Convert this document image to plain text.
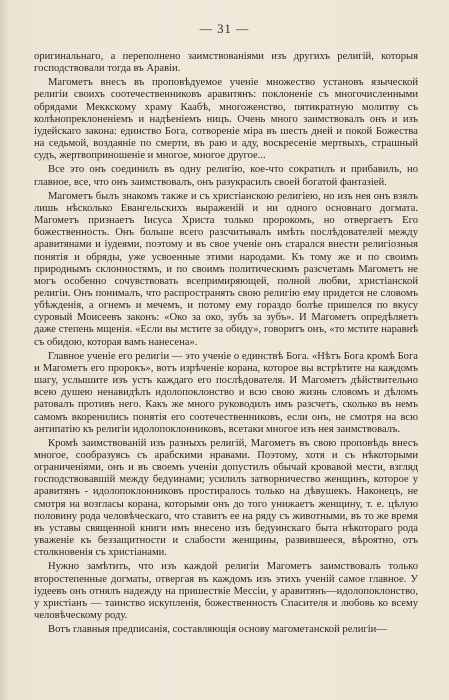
— 31 —

оригинальнаго, а переполнено заимствованіями изъ другихъ религій, которыя господствовали тогда въ Аравіи.

Магометъ внесъ въ проповѣдуемое ученіе множество установъ языческой религіи своихъ соотечественниковъ аравитянъ: поклоненіе съ многочисленными обрядами Меккскому храму Каабѣ, многоженство, пятикратную молитву съ колѣнопреклоненіемъ и надѣеніемъ ницъ. Очень много заимствовалъ онъ и изъ іудейскаго закона: единство Бога, сотвореніе міра въ шесть дней и покой Божества на седьмой, воздаяніе по смерти, въ раю и аду, воскресеніе мертвыхъ, страшный судъ, жертвоприношеніе и многое, многое другое...

Все это онъ соединилъ въ одну религію, кое-что сократилъ и прибавилъ, но главное, все, что онъ заимствовалъ, онъ разукрасилъ своей богатой фантазіей.

Магометъ былъ знакомъ также и съ христіанскою религіею, но изъ нея онъ взялъ лишь нѣсколько Евангельскихъ выраженій и ни одного основнаго догмата. Магометъ признаетъ Іисуса Христа только пророкомъ, но отвергаетъ Его божественность. Онъ больше всего разсчитывалъ имѣть послѣдователей между аравитянами и іудеями, поэтому и въ свое ученіе онъ старался внести религіозныя понятія и обряды, уже усвоенные этими народами. Къ тому же и по своимъ природнымъ склонностямъ, и по своимъ политическимъ разсчетамъ Магометъ не могъ особенно сочувствовать всепримиряющей, полной любви, христіанской религіи. Онъ понималъ, что распространять свою религію ему придется не словомъ убѣжденія, а огнемъ и мечемъ, и потому ему гораздо болѣе пришелся по вкусу суровый Моисеевъ законъ: «Око за око, зубъ за зубъ». И Магометъ опредѣляетъ даже степень мщенія. «Если вы мстите за обиду», говоритъ онъ, «то мстите наравнѣ съ обидою, которая вамъ нанесена».

Главное ученіе его религіи — это ученіе о единствѣ Бога. «Нѣтъ Бога кромѣ Бога и Магометъ его пророкъ», вотъ изрѣченіе корана, которое вы встрѣтите на каждомъ шагу, услышите изъ устъ каждаго его послѣдователя. И Магометъ дѣйствительно всею душею ненавидѣлъ идолопоклонство и всю свою жизнь словомъ и дѣломъ ратовалъ противъ него. Какъ же много руководилъ имъ разсчетъ, сколько въ немъ самомъ вкоренились понятія его соотечественниковъ, если онъ, не смотря на всю антипатію къ религіи идолопоклонниковъ, всетаки многое изъ нея заимствовалъ.

Кромѣ заимствованій изъ разныхъ религій, Магометъ въ свою проповѣдь внесъ многое, сообразуясь съ арабскими нравами. Поэтому, хотя и съ нѣкоторыми ограниченіями, онъ и въ своемъ ученіи допустилъ обычай кровавой мести, взгляд господствовавшій между бедуинами; усилилъ затворничество женщинъ, которое у аравитянъ - идолопоклонниковъ простиралось только на дѣвушекъ. Наконецъ, не смотря на возгласы корана, которыми онъ до того унижаетъ женщину, т. е. цѣлую половину рода человѣческаго, что ставитъ ее на ряду съ животными, въ то же время въ уставы священной книги имъ внесено изъ бедуинскаго быта нѣкотораго рода уваженіе къ беззащитности и слабости женщины, развившееся, вѣроятно, отъ столкновенія съ христіанами.

Нужно замѣтить, что изъ каждой религіи Магометъ заимствовалъ только второстепенные догматы, отвергая въ каждомъ изъ этихъ ученій самое главное. У іудеевъ онъ отнялъ надежду на пришествіе Мессіи, у аравитянъ—идолопоклонство, у христіанъ — таинство искупленія, божественность Спасителя и любовь ко всему человѣческому роду.

Вотъ главныя предписанія, составляющія основу магометанской религіи—
